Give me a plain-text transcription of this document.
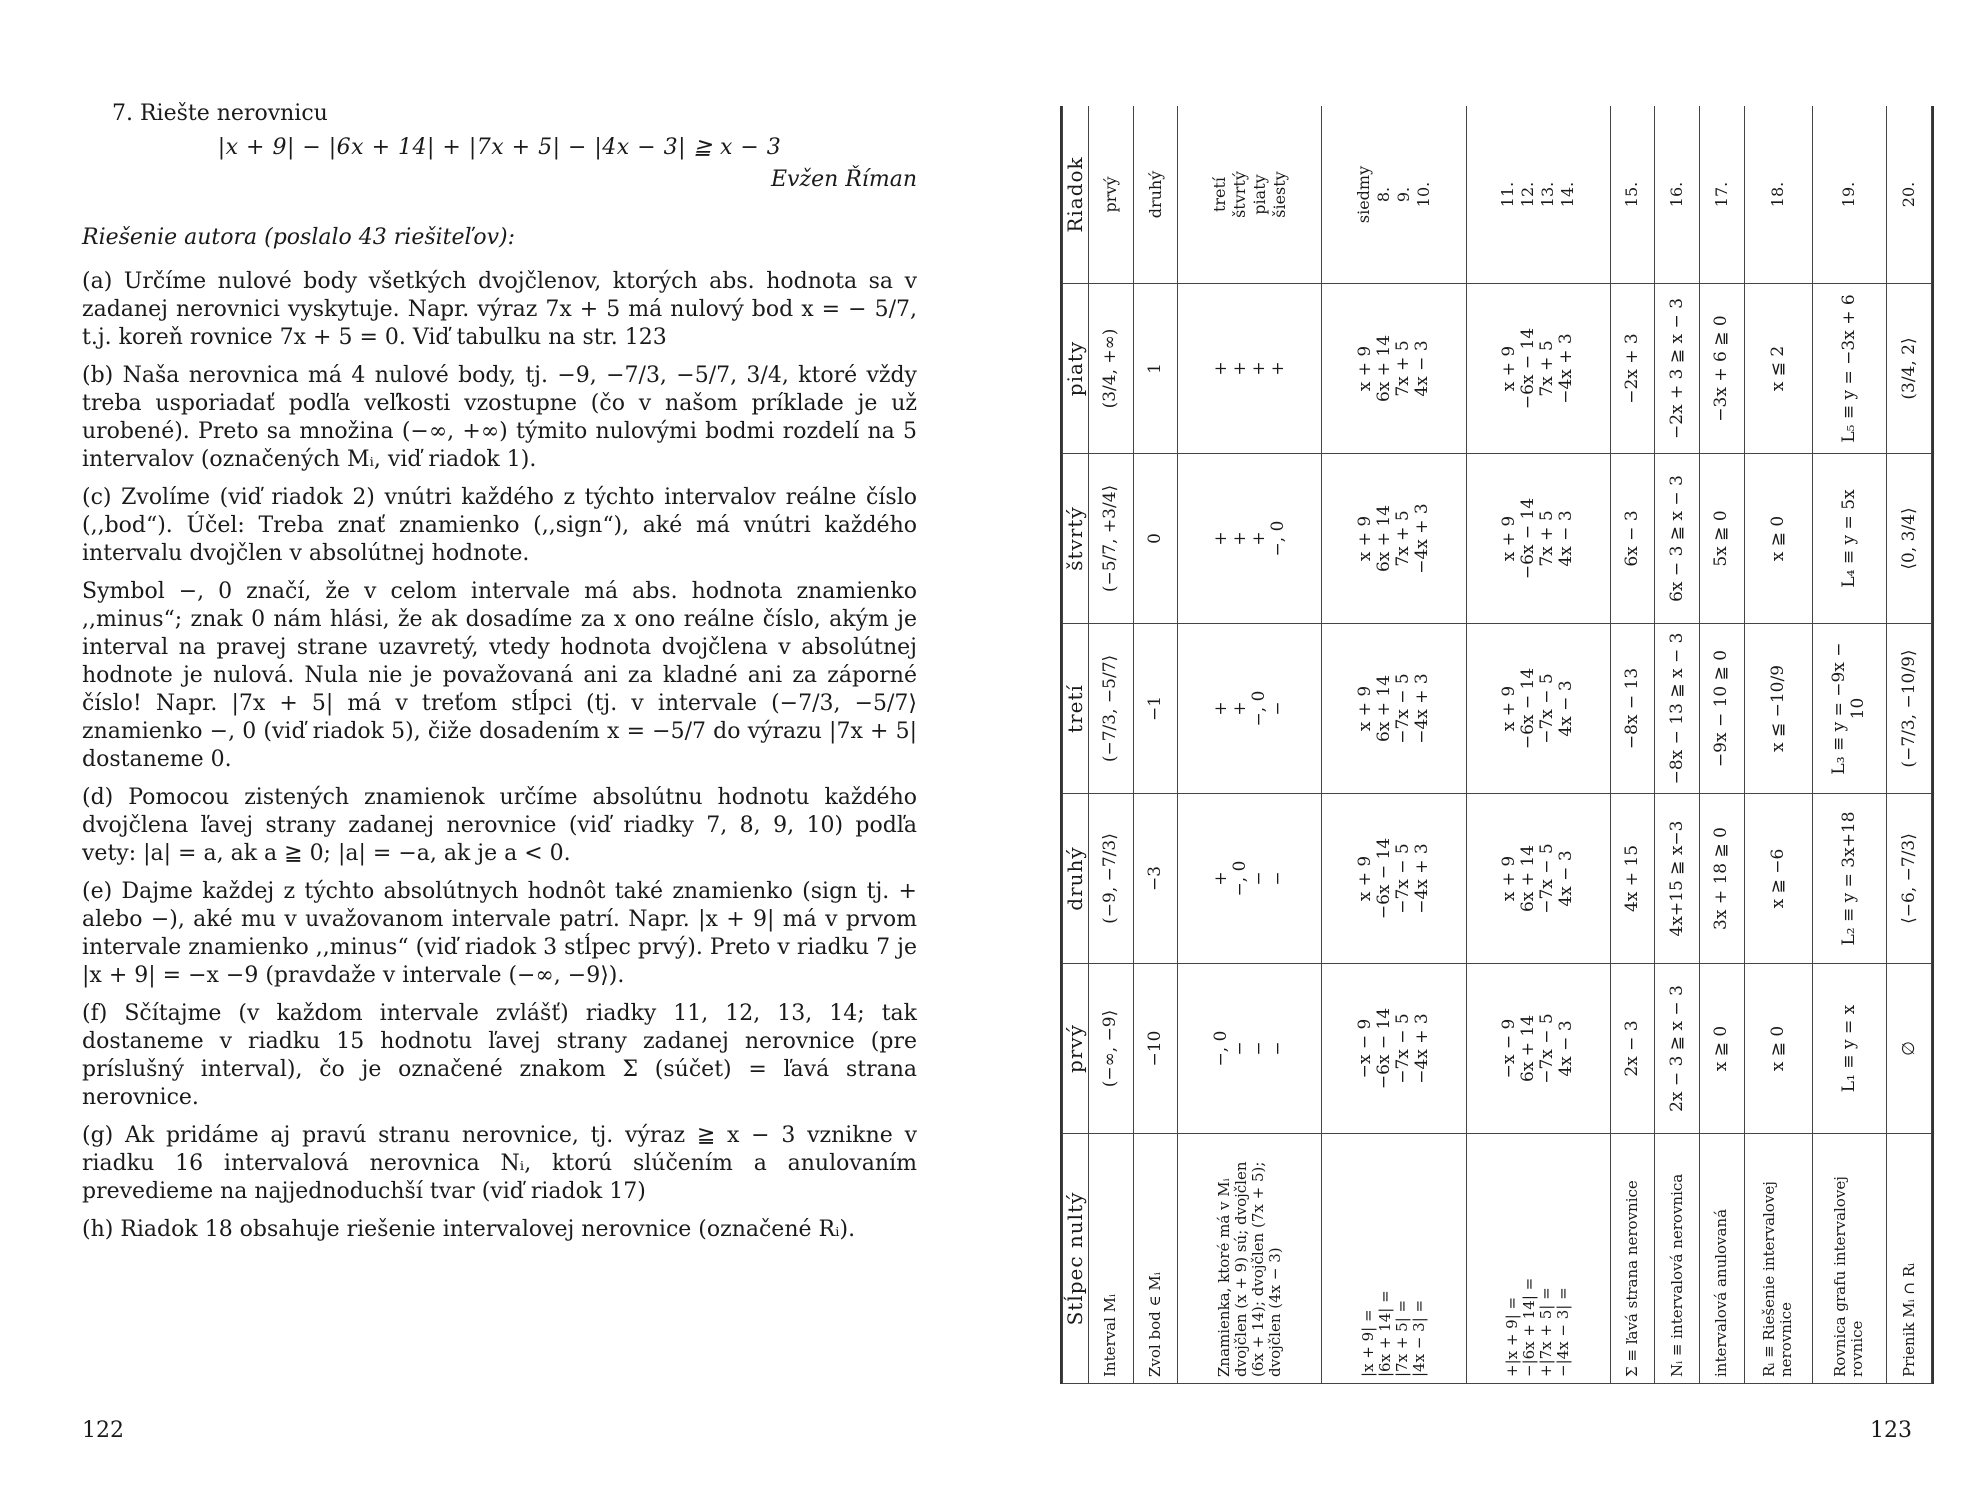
7. Riešte nerovnicu

|x + 9| − |6x + 14| + |7x + 5| − |4x − 3| ≧ x − 3

Evžen Říman

Riešenie autora (poslalo 43 riešiteľov):

(a) Určíme nulové body všetkých dvojčlenov, ktorých abs. hodnota sa v zadanej nerovnici vyskytuje. Napr. výraz 7x + 5 má nulový bod x = − 5/7, t.j. koreň rovnice 7x + 5 = 0. Viď tabulku na str. 123

(b) Naša nerovnica má 4 nulové body, tj. −9, −7/3, −5/7, 3/4, ktoré vždy treba usporiadať podľa veľkosti vzostupne (čo v našom príklade je už urobené). Preto sa množina (−∞, +∞) týmito nulovými bodmi rozdelí na 5 intervalov (označených Mᵢ, viď riadok 1).

(c) Zvolíme (viď riadok 2) vnútri každého z týchto intervalov reálne číslo (,,bod“). Účel: Treba znať znamienko (,,sign“), aké má vnútri každého intervalu dvojčlen v absolútnej hodnote.

Symbol −, 0 značí, že v celom intervale má abs. hodnota znamienko ,,minus“; znak 0 nám hlási, že ak dosadíme za x ono reálne číslo, akým je interval na pravej strane uzavretý, vtedy hodnota dvojčlena v absolútnej hodnote je nulová. Nula nie je považovaná ani za kladné ani za záporné číslo! Napr. |7x + 5| má v treťom stĺpci (tj. v intervale (−7/3, −5/7⟩ znamienko −, 0 (viď riadok 5), čiže dosadením x = −5/7 do výrazu |7x + 5| dostaneme 0.

(d) Pomocou zistených znamienok určíme absolútnu hodnotu každého dvojčlena ľavej strany zadanej nerovnice (viď riadky 7, 8, 9, 10) podľa vety: |a| = a, ak a ≧ 0; |a| = −a, ak je a < 0.

(e) Dajme každej z týchto absolútnych hodnôt také znamienko (sign tj. + alebo −), aké mu v uvažovanom intervale patrí. Napr. |x + 9| má v prvom intervale znamienko ,,minus“ (viď riadok 3 stĺpec prvý). Preto v riadku 7 je |x + 9| = −x −9 (pravdaže v intervale (−∞, −9⟩).

(f) Sčítajme (v každom intervale zvlášť) riadky 11, 12, 13, 14; tak dostaneme v riadku 15 hodnotu ľavej strany zadanej nerovnice (pre príslušný interval), čo je označené znakom Σ (súčet) = ľavá strana nerovnice.

(g) Ak pridáme aj pravú stranu nerovnice, tj. výraz ≧ x − 3 vznikne v riadku 16 intervalová nerovnica Nᵢ, ktorú slúčením a anulovaním prevedieme na najjednoduchší tvar (viď riadok 17)

(h) Riadok 18 obsahuje riešenie intervalovej nerovnice (označené Rᵢ).

122
Stĺpec nultý	prvý	druhý	tretí	štvrtý	piaty	Riadok
Interval Mᵢ	(−∞, −9⟩	(−9, −7/3⟩	(−7/3, −5/7⟩	(−5/7, +3/4⟩	(3/4, +∞)	prvý
Zvol bod ∈ Mᵢ	−10	−3	−1	0	1	druhý
Znamienka, ktoré má v Mᵢ dvojčlen (x + 9) sú; dvojčlen (6x + 14); dvojčlen (7x + 5); dvojčlen (4x − 3)	−, 0 − − −	+ −, 0 − −	+ + −, 0 −	+ + + −, 0	+ + + +	tretí štvrtý piaty šiesty

|x + 9| = |6x + 14| = |7x + 5| = |4x − 3| =	−x − 9 −6x − 14 −7x − 5 −4x + 3	x + 9 −6x − 14 −7x − 5 −4x + 3	x + 9 6x + 14 −7x − 5 −4x + 3	x + 9 6x + 14 7x + 5 −4x + 3	x + 9 6x + 14 7x + 5 4x − 3	siedmy 8. 9. 10.

+|x + 9| = −|6x + 14| = +|7x + 5| = −|4x − 3| =	−x − 9 6x + 14 −7x − 5 4x − 3	x + 9 6x + 14 −7x − 5 4x − 3	x + 9 −6x − 14 −7x − 5 4x − 3	x + 9 −6x − 14 7x + 5 4x − 3	x + 9 −6x − 14 7x + 5 −4x + 3	11. 12. 13. 14.

Σ ≡ ľavá strana nerovnice	2x − 3	4x + 15	−8x − 13	6x − 3	−2x + 3	15.
Nᵢ ≡ intervalová nerovnica	2x − 3 ≧ x − 3	4x+15 ≧ x−3	−8x − 13 ≧ x − 3	6x − 3 ≧ x − 3	−2x + 3 ≧ x − 3	16.
intervalová anulovaná	x ≧ 0	3x + 18 ≧ 0	−9x − 10 ≧ 0	5x ≧ 0	−3x + 6 ≧ 0	17.
Rᵢ ≡ Riešenie intervalovej nerovnice	x ≧ 0	x ≧ −6	x ≦ −10/9	x ≧ 0	x ≦ 2	18.
Rovnica grafu intervalovej rovnice	L₁ ≡ y = x	L₂ ≡ y = 3x+18	L₃ ≡ y = −9x − 10	L₄ ≡ y = 5x	L₅ ≡ y = −3x + 6	19.
Prienik Mᵢ ∩ Rᵢ	∅	⟨−6, −7/3⟩	(−7/3, −10/9⟩	⟨0, 3/4⟩	(3/4, 2⟩	20.
123
